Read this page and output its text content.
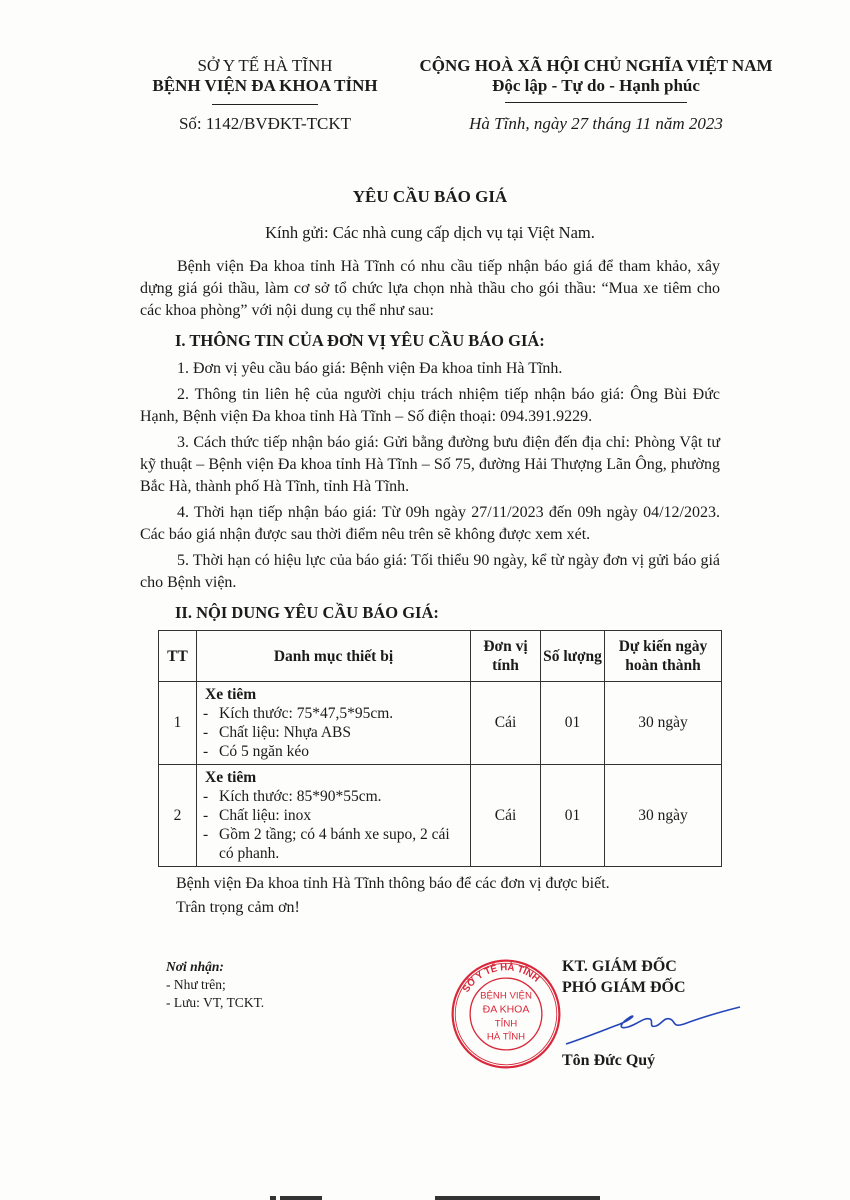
SỞ Y TẾ HÀ TĨNH
BỆNH VIỆN ĐA KHOA TỈNH
Số: 1142/BVĐKT-TCKT
CỘNG HOÀ XÃ HỘI CHỦ NGHĨA VIỆT NAM
Độc lập - Tự do - Hạnh phúc
Hà Tĩnh, ngày 27 tháng 11 năm 2023
YÊU CẦU BÁO GIÁ
Kính gửi: Các nhà cung cấp dịch vụ tại Việt Nam.

Bệnh viện Đa khoa tỉnh Hà Tĩnh có nhu cầu tiếp nhận báo giá để tham khảo, xây dựng giá gói thầu, làm cơ sở tổ chức lựa chọn nhà thầu cho gói thầu: “Mua xe tiêm cho các khoa phòng” với nội dung cụ thể như sau:

I. THÔNG TIN CỦA ĐƠN VỊ YÊU CẦU BÁO GIÁ:

1. Đơn vị yêu cầu báo giá: Bệnh viện Đa khoa tỉnh Hà Tĩnh.

2. Thông tin liên hệ của người chịu trách nhiệm tiếp nhận báo giá: Ông Bùi Đức Hạnh, Bệnh viện Đa khoa tỉnh Hà Tĩnh – Số điện thoại: 094.391.9229.

3. Cách thức tiếp nhận báo giá: Gửi bằng đường bưu điện đến địa chỉ: Phòng Vật tư kỹ thuật – Bệnh viện Đa khoa tỉnh Hà Tĩnh – Số 75, đường Hải Thượng Lãn Ông, phường Bắc Hà, thành phố Hà Tĩnh, tỉnh Hà Tĩnh.

4. Thời hạn tiếp nhận báo giá: Từ 09h ngày 27/11/2023 đến 09h ngày 04/12/2023. Các báo giá nhận được sau thời điểm nêu trên sẽ không được xem xét.

5. Thời hạn có hiệu lực của báo giá: Tối thiểu 90 ngày, kể từ ngày đơn vị gửi báo giá cho Bệnh viện.

II. NỘI DUNG YÊU CẦU BÁO GIÁ:
TT	Danh mục thiết bị	Đơn vị tính	Số lượng	Dự kiến ngày hoàn thành
1	Xe tiêm
- Kích thước: 75*47,5*95cm.
- Chất liệu: Nhựa ABS
- Có 5 ngăn kéo	Cái	01	30 ngày
2	Xe tiêm
- Kích thước: 85*90*55cm.
- Chất liệu: inox
- Gồm 2 tầng; có 4 bánh xe supo, 2 cái có phanh.	Cái	01	30 ngày
Bệnh viện Đa khoa tỉnh Hà Tĩnh thông báo để các đơn vị được biết.
Trân trọng cảm ơn!
Nơi nhận:
- Như trên;
- Lưu: VT, TCKT.
SỞ Y TẾ HÀ TĨNH
BỆNH VIỆN
ĐA KHOA
TỈNH
HÀ TĨNH
KT. GIÁM ĐỐC
PHÓ GIÁM ĐỐC
Tôn Đức Quý
